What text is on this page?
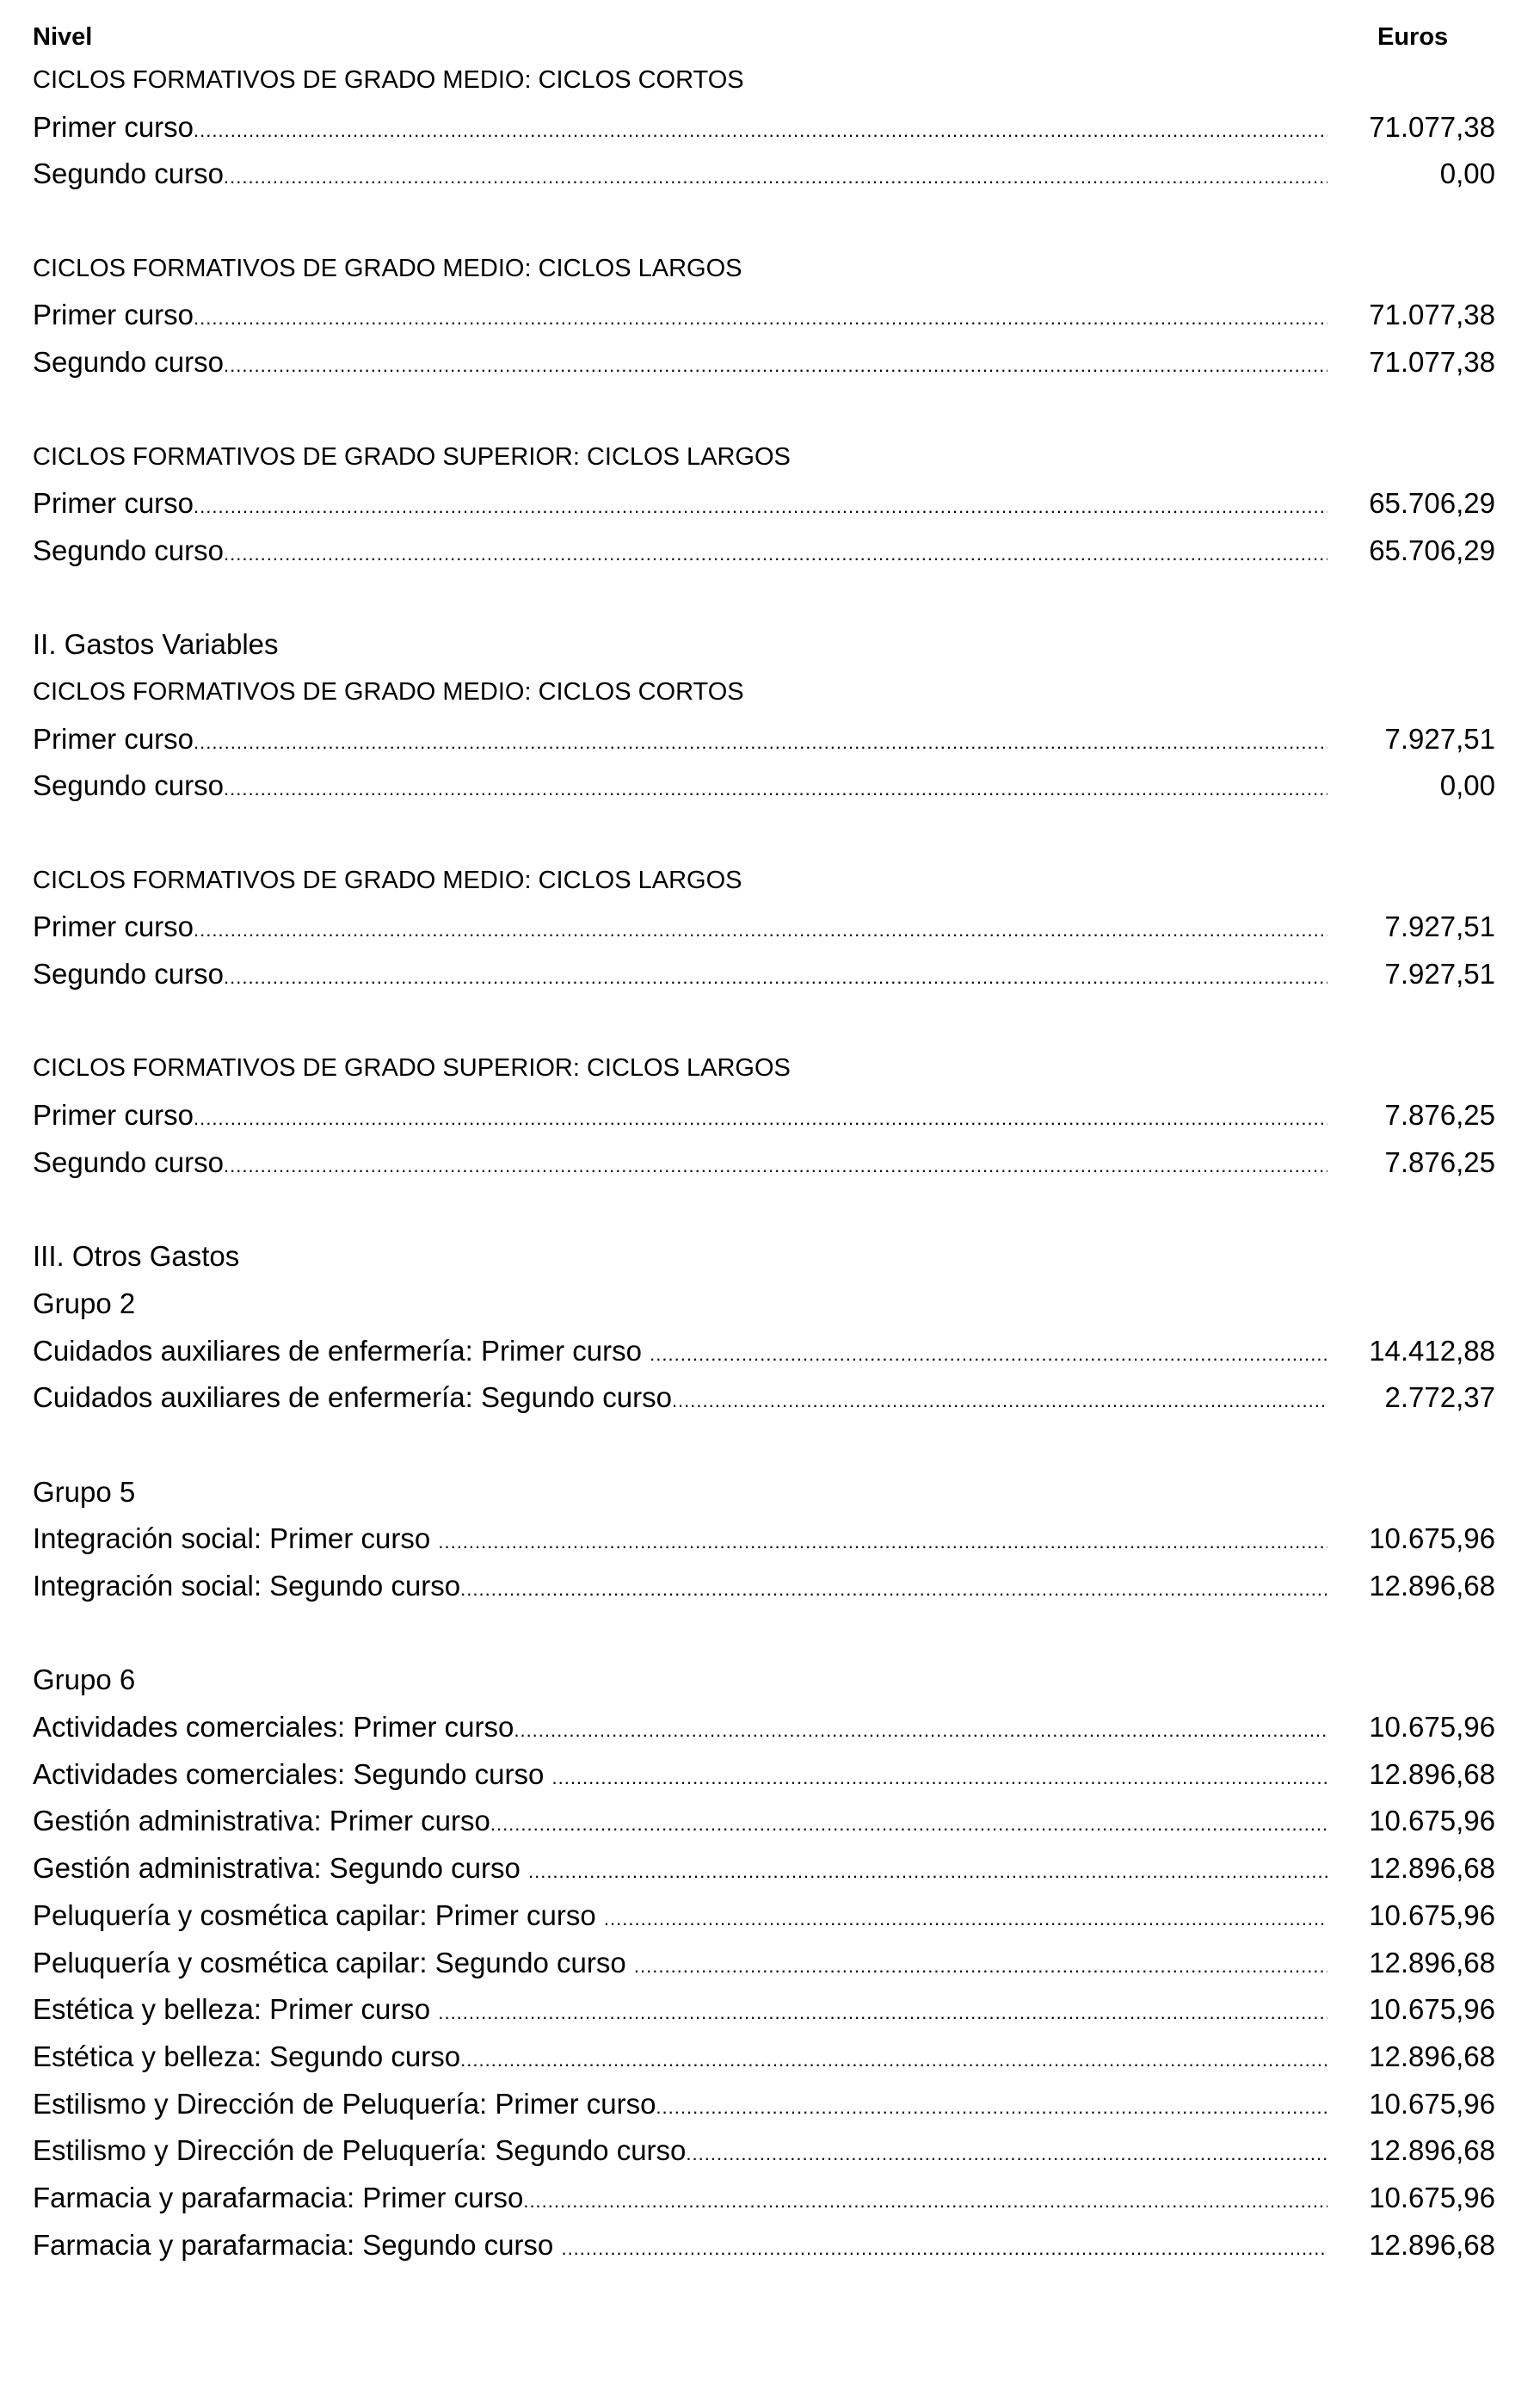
Nivel	Euros
CICLOS FORMATIVOS DE GRADO MEDIO: CICLOS CORTOS
Primer curso .....	71.077,38
Segundo curso .....	0,00
CICLOS FORMATIVOS DE GRADO MEDIO: CICLOS LARGOS
Primer curso .....	71.077,38
Segundo curso .....	71.077,38
CICLOS FORMATIVOS DE GRADO SUPERIOR: CICLOS LARGOS
Primer curso .....	65.706,29
Segundo curso .....	65.706,29
II. Gastos Variables
CICLOS FORMATIVOS DE GRADO MEDIO: CICLOS CORTOS
Primer curso .....	7.927,51
Segundo curso .....	0,00
CICLOS FORMATIVOS DE GRADO MEDIO: CICLOS LARGOS
Primer curso .....	7.927,51
Segundo curso .....	7.927,51
CICLOS FORMATIVOS DE GRADO SUPERIOR: CICLOS LARGOS
Primer curso .....	7.876,25
Segundo curso .....	7.876,25
III. Otros Gastos
Grupo 2
Cuidados auxiliares de enfermería: Primer curso .....	14.412,88
Cuidados auxiliares de enfermería: Segundo curso .....	2.772,37
Grupo 5
Integración social: Primer curso .....	10.675,96
Integración social: Segundo curso .....	12.896,68
Grupo 6
Actividades comerciales: Primer curso .....	10.675,96
Actividades comerciales: Segundo curso .....	12.896,68
Gestión administrativa: Primer curso .....	10.675,96
Gestión administrativa: Segundo curso .....	12.896,68
Peluquería y cosmética capilar: Primer curso .....	10.675,96
Peluquería y cosmética capilar: Segundo curso .....	12.896,68
Estética y belleza: Primer curso .....	10.675,96
Estética y belleza: Segundo curso .....	12.896,68
Estilismo y Dirección de Peluquería: Primer curso .....	10.675,96
Estilismo y Dirección de Peluquería: Segundo curso .....	12.896,68
Farmacia y parafarmacia: Primer curso .....	10.675,96
Farmacia y parafarmacia: Segundo curso .....	12.896,68
